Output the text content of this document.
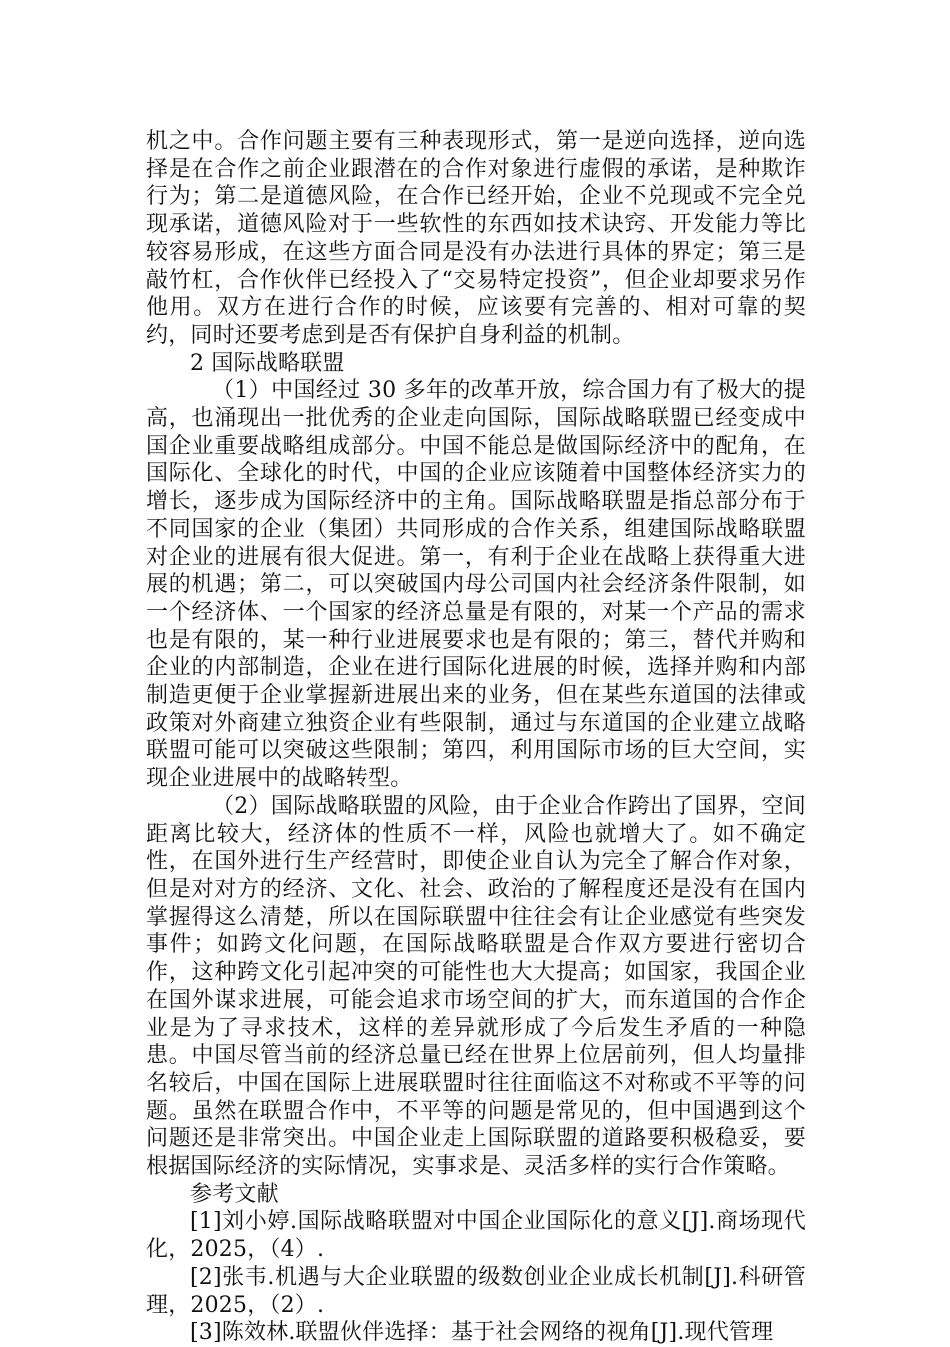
机之中。合作问题主要有三种表现形式，第一是逆向选择，逆向选择是在合作之前企业跟潜在的合作对象进行虚假的承诺，是种欺诈行为；第二是道德风险，在合作已经开始，企业不兑现或不完全兑现承诺，道德风险对于一些软性的东西如技术诀窍、开发能力等比较容易形成，在这些方面合同是没有办法进行具体的界定；第三是敲竹杠，合作伙伴已经投入了“交易特定投资”，但企业却要求另作他用。双方在进行合作的时候，应该要有完善的、相对可靠的契约，同时还要考虑到是否有保护自身利益的机制。

2 国际战略联盟

（1）中国经过 30 多年的改革开放，综合国力有了极大的提高，也涌现出一批优秀的企业走向国际，国际战略联盟已经变成中国企业重要战略组成部分。中国不能总是做国际经济中的配角，在国际化、全球化的时代，中国的企业应该随着中国整体经济实力的增长，逐步成为国际经济中的主角。国际战略联盟是指总部分布于不同国家的企业（集团）共同形成的合作关系，组建国际战略联盟对企业的进展有很大促进。第一，有利于企业在战略上获得重大进展的机遇；第二，可以突破国内母公司国内社会经济条件限制，如一个经济体、一个国家的经济总量是有限的，对某一个产品的需求也是有限的，某一种行业进展要求也是有限的；第三，替代并购和企业的内部制造，企业在进行国际化进展的时候，选择并购和内部制造更便于企业掌握新进展出来的业务，但在某些东道国的法律或政策对外商建立独资企业有些限制，通过与东道国的企业建立战略联盟可能可以突破这些限制；第四，利用国际市场的巨大空间，实现企业进展中的战略转型。

（2）国际战略联盟的风险，由于企业合作跨出了国界，空间距离比较大，经济体的性质不一样，风险也就增大了。如不确定性，在国外进行生产经营时，即使企业自认为完全了解合作对象，但是对对方的经济、文化、社会、政治的了解程度还是没有在国内掌握得这么清楚，所以在国际联盟中往往会有让企业感觉有些突发事件；如跨文化问题，在国际战略联盟是合作双方要进行密切合作，这种跨文化引起冲突的可能性也大大提高；如国家，我国企业在国外谋求进展，可能会追求市场空间的扩大，而东道国的合作企业是为了寻求技术，这样的差异就形成了今后发生矛盾的一种隐患。中国尽管当前的经济总量已经在世界上位居前列，但人均量排名较后，中国在国际上进展联盟时往往面临这不对称或不平等的问题。虽然在联盟合作中，不平等的问题是常见的，但中国遇到这个问题还是非常突出。中国企业走上国际联盟的道路要积极稳妥，要根据国际经济的实际情况，实事求是、灵活多样的实行合作策略。

参考文献

[1]刘小婷.国际战略联盟对中国企业国际化的意义[J].商场现代化，2025，（4）.

[2]张韦.机遇与大企业联盟的级数创业企业成长机制[J].科研管理，2025，（2）.

[3]陈效林.联盟伙伴选择：基于社会网络的视角[J].现代管理
